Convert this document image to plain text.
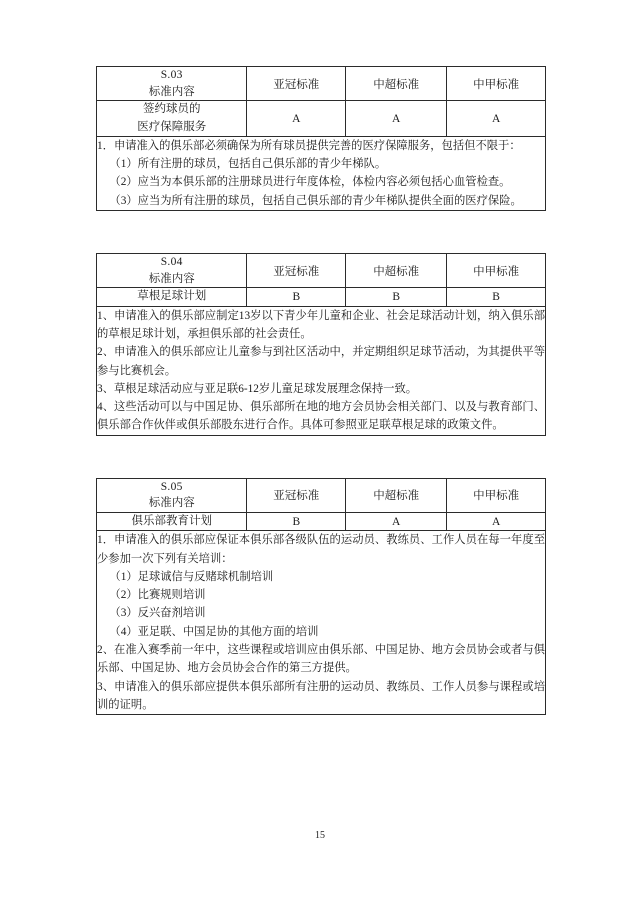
S.03
标准内容	亚冠标准	中超标准	中甲标准

签约球员的
医疗保障服务	A	A	A

1．申请准入的俱乐部必须确保为所有球员提供完善的医疗保障服务，包括但不限于：

（1）所有注册的球员，包括自己俱乐部的青少年梯队。

（2）应当为本俱乐部的注册球员进行年度体检，体检内容必须包括心血管检查。

（3）应当为所有注册的球员，包括自己俱乐部的青少年梯队提供全面的医疗保险。			

S.04
标准内容	亚冠标准	中超标准	中甲标准
草根足球计划	B	B	B

1、申请准入的俱乐部应制定13岁以下青少年儿童和企业、社会足球活动计划，纳入俱乐部的草根足球计划，承担俱乐部的社会责任。

2、申请准入的俱乐部应让儿童参与到社区活动中，并定期组织足球节活动，为其提供平等参与比赛机会。

3、草根足球活动应与亚足联6-12岁儿童足球发展理念保持一致。

4、这些活动可以与中国足协、俱乐部所在地的地方会员协会相关部门、以及与教育部门、俱乐部合作伙伴或俱乐部股东进行合作。具体可参照亚足联草根足球的政策文件。			

S.05
标准内容	亚冠标准	中超标准	中甲标准
俱乐部教育计划	B	A	A

1．申请准入的俱乐部应保证本俱乐部各级队伍的运动员、教练员、工作人员在每一年度至少参加一次下列有关培训：

（1）足球诚信与反赌球机制培训

（2）比赛规则培训

（3）反兴奋剂培训

（4）亚足联、中国足协的其他方面的培训

2、在准入赛季前一年中，这些课程或培训应由俱乐部、中国足协、地方会员协会或者与俱乐部、中国足协、地方会员协会合作的第三方提供。

3、申请准入的俱乐部应提供本俱乐部所有注册的运动员、教练员、工作人员参与课程或培训的证明。

15
